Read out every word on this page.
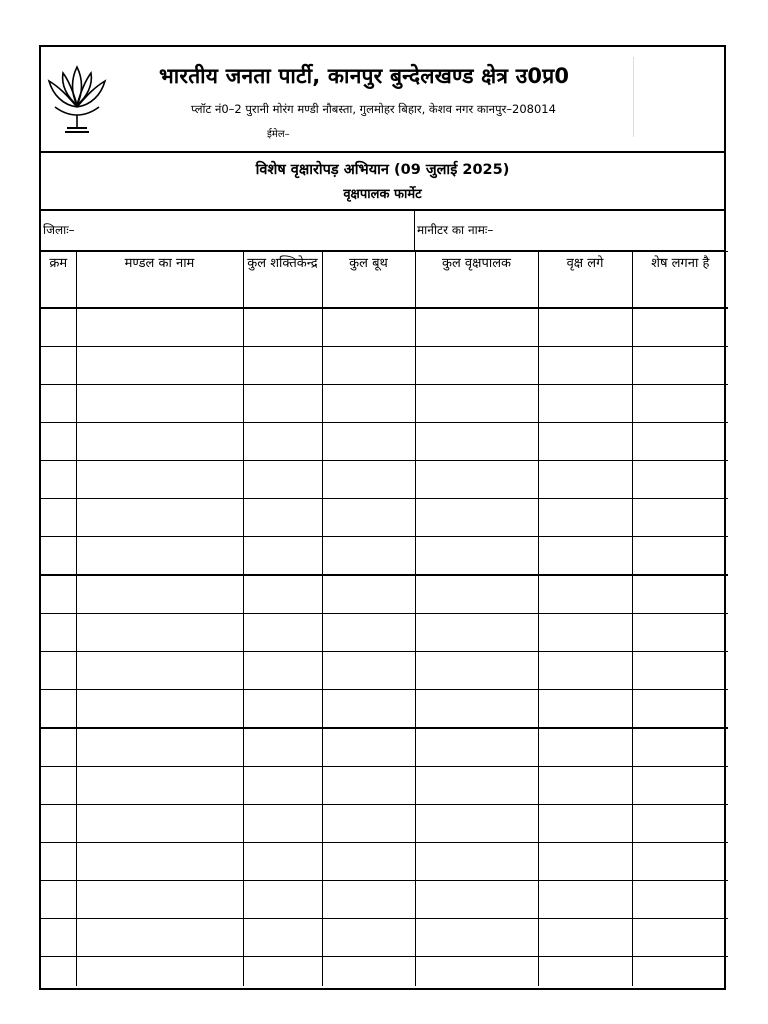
भारतीय जनता पार्टी, कानपुर बुन्देलखण्ड क्षेत्र उ0प्र0
प्लॉट नं0–2 पुरानी मोरंग मण्डी नौबस्ता, गुलमोहर बिहार, केशव नगर कानपुर–208014
ईमेल–
विशेष वृक्षारोपड़ अभियान (09 जुलाई 2025)
वृक्षपालक फार्मेट
जिलाः–	मानीटर का नामः–
क्रम	मण्डल का नाम	कुल शक्तिकेन्द्र	कुल बूथ	कुल वृक्षपालक	वृक्ष लगे	शेष लगना है
